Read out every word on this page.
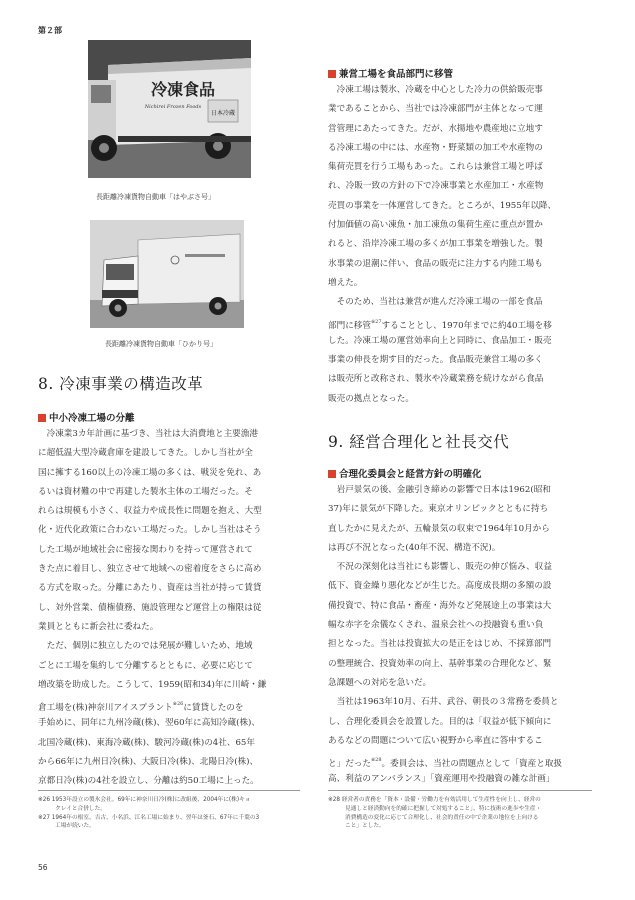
第２部
冷凍食品
Nichirei Frozen Foods
日本冷蔵
長距離冷凍貨物自動車「はやぶさ号」
長距離冷凍貨物自動車「ひかり号」
8. 冷凍事業の構造改革
中小冷凍工場の分離
　冷凍業3カ年計画に基づき、当社は大消費地と主要漁港
に超低温大型冷蔵倉庫を建設してきた。しかし当社が全
国に擁する160以上の冷凍工場の多くは、戦災を免れ、あ
るいは資材難の中で再建した製氷主体の工場だった。そ
れらは規模も小さく、収益力や成長性に問題を抱え、大型
化・近代化政策に合わない工場だった。しかし当社はそう
した工場が地域社会に密接な関わりを持って運営されて
きた点に着目し、独立させて地域への密着度をさらに高め
る方式を取った。分離にあたり、資産は当社が持って賃貸
し、対外営業、債権債務、施設管理など運営上の権限は従
業員とともに新会社に委ねた。
　ただ、個別に独立したのでは発展が難しいため、地域
ごとに工場を集約して分離するとともに、必要に応じて
増改築を助成した。こうして、1959(昭和34)年に川崎・鎌
倉工場を(株)神奈川アイスプラント$^{※26}$に賃貸したのを
手始めに、同年に九州冷蔵(株)、翌60年に高知冷蔵(株)、
北国冷蔵(株)、東海冷蔵(株)、駿河冷蔵(株)の4社、65年
から66年に九州日冷(株)、大阪日冷(株)、北陽日冷(株)、
京都日冷(株)の4社を設立し、分離は約50工場に上った。
兼営工場を食品部門に移管
　冷凍工場は製氷、冷蔵を中心とした冷力の供給販売事
業であることから、当社では冷凍部門が主体となって運
営管理にあたってきた。だが、水揚地や農産地に立地す
る冷凍工場の中には、水産物・野菜類の加工や水産物の
集荷売買を行う工場もあった。これらは兼営工場と呼ば
れ、冷販一致の方針の下で冷凍事業と水産加工・水産物
売買の事業を一体運営してきた。ところが、1955年以降、
付加価値の高い凍魚・加工凍魚の集荷生産に重点が置か
れると、沿岸冷凍工場の多くが加工事業を増強した。製
氷事業の退潮に伴い、食品の販売に注力する内陸工場も
増えた。
　そのため、当社は兼営が進んだ冷凍工場の一部を食品
部門に移管$^{※27}$することとし、1970年までに約40工場を移
した。冷凍工場の運営効率向上と同時に、食品加工・販売
事業の伸長を期す目的だった。食品販売兼営工場の多く
は販売所と改称され、製氷や冷蔵業務を続けながら食品
販売の拠点となった。
9. 経営合理化と社長交代
合理化委員会と経営方針の明確化
　岩戸景気の後、金融引き締めの影響で日本は1962(昭和
37)年に景気が下降した。東京オリンピックとともに持ち
直したかに見えたが、五輪景気の収束で1964年10月から
は再び不況となった(40年不況、構造不況)。
　不況の深刻化は当社にも影響し、販売の伸び悩み、収益
低下、資金繰り悪化などが生じた。高度成長期の多額の設
備投資で、特に食品・畜産・海外など発展途上の事業は大
幅な赤字を余儀なくされ、温泉会社への投融資も重い負
担となった。当社は投資拡大の是正をはじめ、不採算部門
の整理統合、投資効率の向上、基幹事業の合理化など、緊
急課題への対応を急いだ。
　当社は1963年10月、石井、武谷、朝長の３常務を委員と
し、合理化委員会を設置した。目的は「収益が低下傾向に
あるなどの問題について広い視野から率直に答申するこ
と」だった$^{※28}$。委員会は、当社の問題点として「資産と取扱
高、利益のアンバランス」「資産運用や投融資の雑な計画」
※26 1953年設立の製氷会社。69年に神奈川日冷(株)に改組後、2004年に(株)キョ
　　　クレイと合併した。
※27 1964年の根室、吉古、小名浜、江名工場に始まり、翌年は釜石、67年に千葉の3
　　　工場が続いた。
※28 経営者の責務を「資本・設備・労働力を有効活用して生産性を向上し、経営の
　　　見通しと経済動向を的確に把握して対処すること」、特に技術の進歩や生産・
　　　消費構造の変化に応じて合理化し、社会的責任の中で企業の地位を上向ける
　　　こと」とした。
56
